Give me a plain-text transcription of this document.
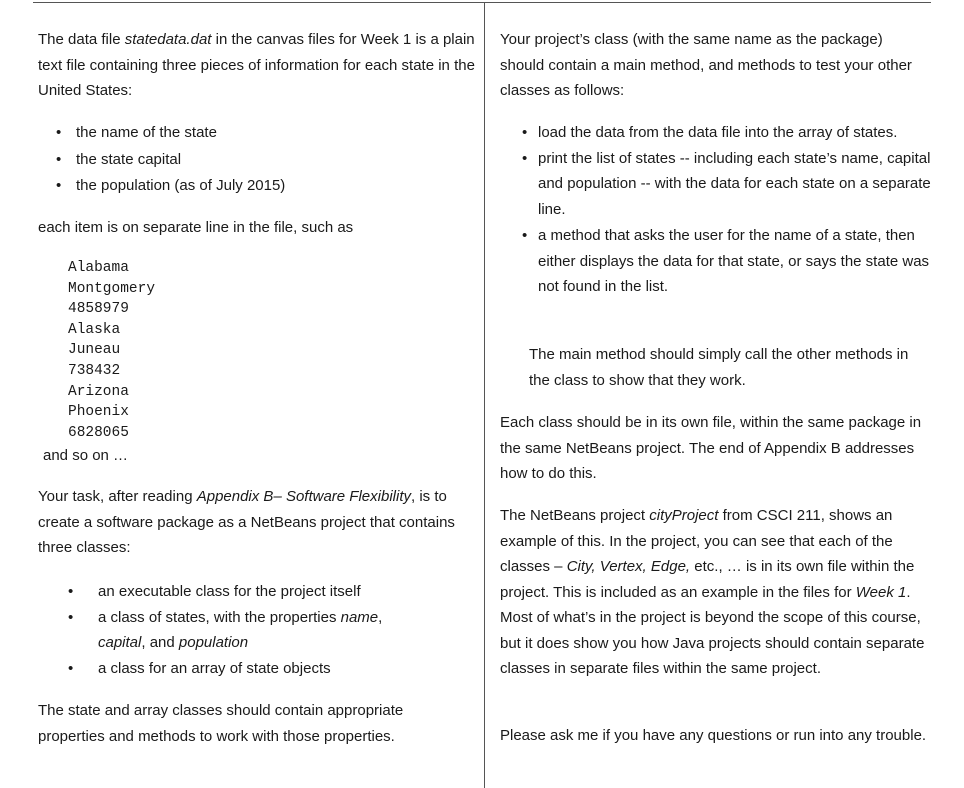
The data file statedata.dat in the canvas files for Week 1 is a plain text file containing three pieces of information for each state in the United States:

• the name of the state
• the state capital
• the population (as of July 2015)

each item is on separate line in the file, such as

Alabama
Montgomery
4858979
Alaska
Juneau
738432
Arizona
Phoenix
6828065

and so on …

Your task, after reading Appendix B– Software Flexibility, is to create a software package as a NetBeans project that contains three classes:

• an executable class for the project itself
• a class of states, with the properties name,
capital, and population
• a class for an array of state objects

The state and array classes should contain appropriate properties and methods to work with those properties.

Your project’s class (with the same name as the package) should contain a main method, and methods to test your other classes as follows:

• load the data from the data file into the array of states.
• print the list of states -- including each state’s name, capital and population -- with the data for each state on a separate line.
• a method that asks the user for the name of a state, then either displays the data for that state, or says the state was not found in the list.

The main method should simply call the other methods in the class to show that they work.

Each class should be in its own file, within the same package in the same NetBeans project. The end of Appendix B addresses how to do this.

The NetBeans project cityProject from CSCI 211, shows an example of this. In the project, you can see that each of the classes – City, Vertex, Edge, etc., … is in its own file within the project. This is included as an example in the files for Week 1. Most of what’s in the project is beyond the scope of this course, but it does show you how Java projects should contain separate classes in separate files within the same project.

Please ask me if you have any questions or run into any trouble.
